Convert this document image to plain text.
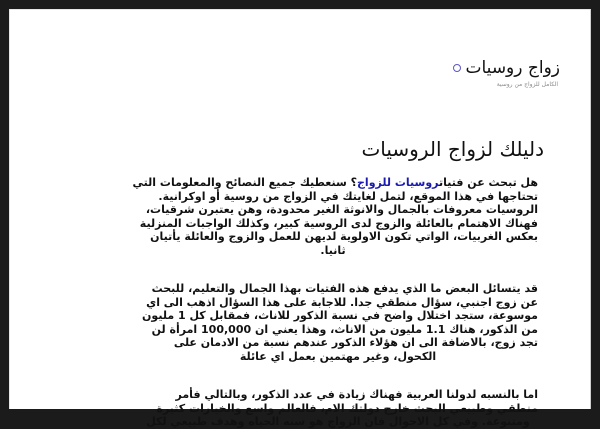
زواج روسيات
الكامل للزواج من روسية
دليلك لزواج الروسيات

هل تبحث عن فتياتروسيات للزواج؟ سنعطيك جميع النصائح والمعلومات التي تحتاجها في هذا الموقع، لتمل لغايتك في الزواج من روسية أو اوكرانية. الروسيات معروفات بالجمال والانوثة الغير محدودة، وهن يعتبرن شرقيات، فهناك الاهتمام بالعائلة والزوج لدى الروسية كبير، وكذلك الواجبات المنزلية بعكس الغربيات، الواتي تكون الاولوية لديهن للعمل والزوج والعائلة يأتيان ثانيا.

قد يتسائل البعض ما الذي يدفع هذه الفتيات بهذا الجمال والتعليم، للبحث عن زوج اجنبي، سؤال منطقي جدا. للاجابة على هذا السؤال اذهب الى اي موسوعة، ستجد اختلال واضح في نسبة الذكور للاناث، فمقابل كل 1 مليون من الذكور، هناك 1.1 مليون من الاناث، وهذا يعني ان 100,000 امرأة لن تجد زوج، بالاضافة الى ان هؤلاء الذكور عندهم نسبة من الادمان على الكحول، وغير مهتمين بعمل اي عائلة

اما بالنسبه لدولنا العربية فهناك زيادة في عدد الذكور، وبالتالي فأمر منطقي وطبيعي البحث خارج دولتك الام، فالعالم واسع والخيارات كثيرة ومتنوعة. وفي كل الاحوال فان الزواج هو سنه الحياه وهدف طبيعي لكل
